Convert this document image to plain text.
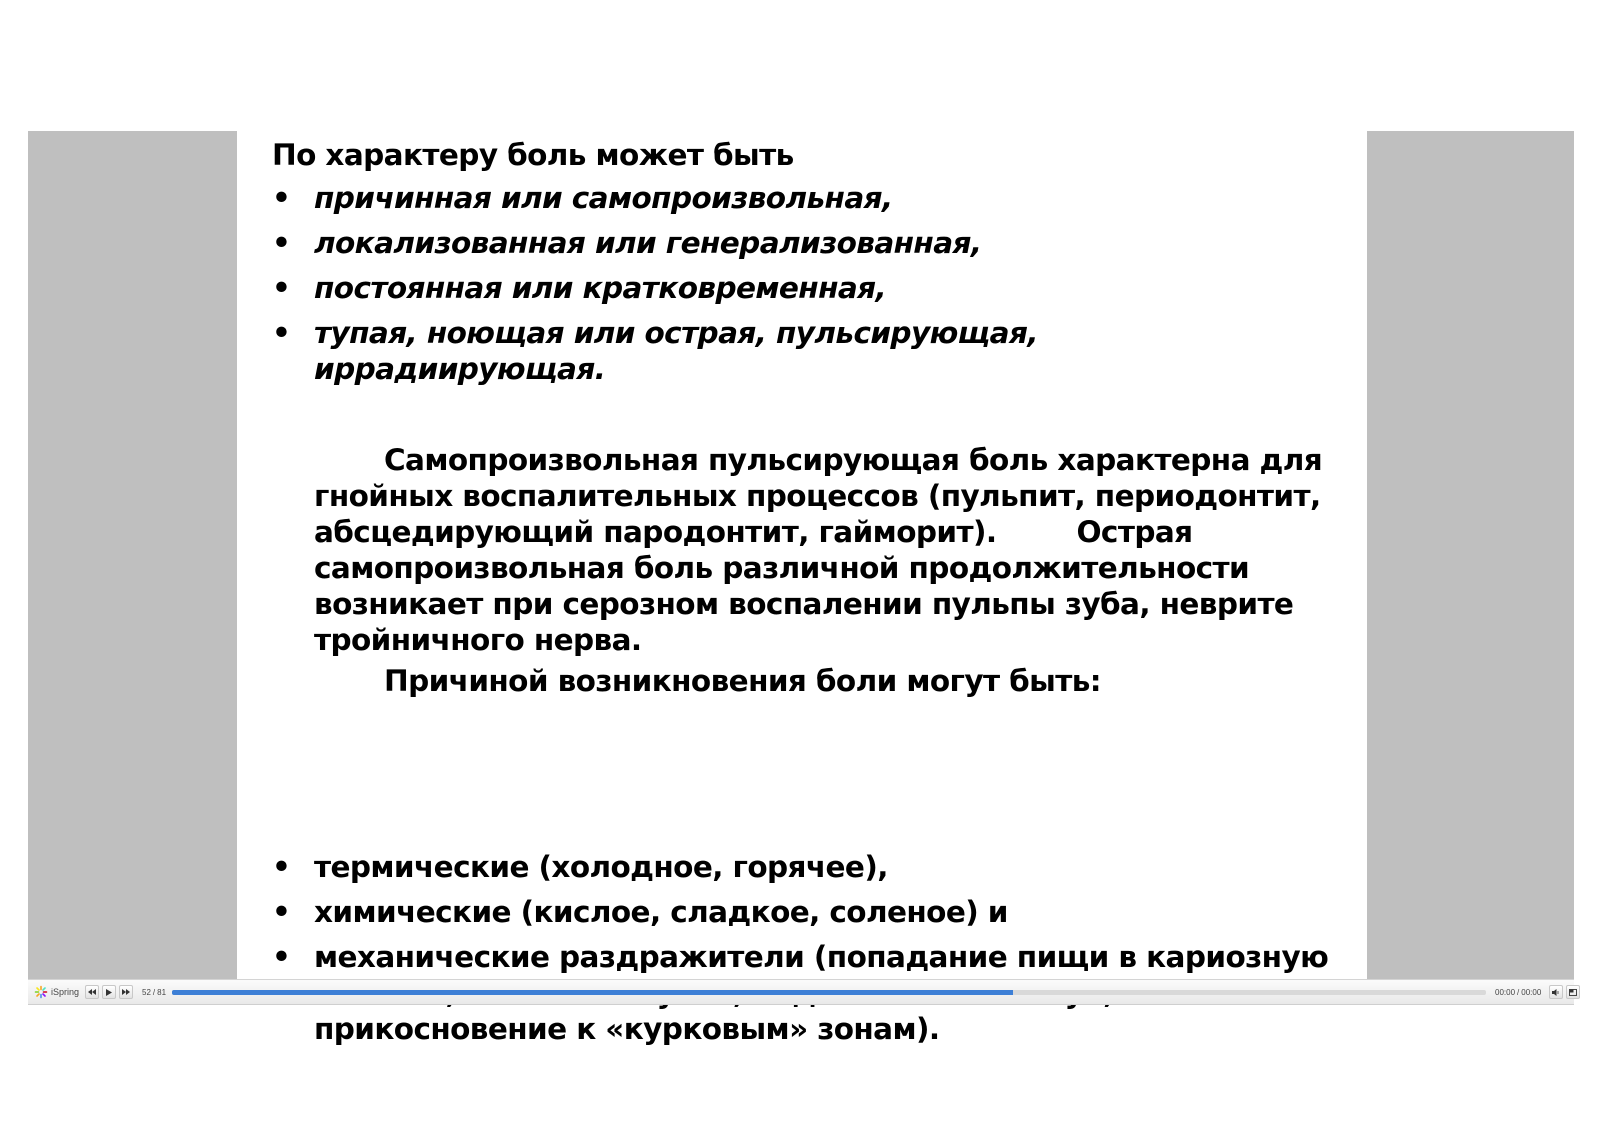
По характеру боль может быть

• причинная или самопроизвольная,
• локализованная или генерализованная,
• постоянная или кратковременная,
• тупая, ноющая или острая, пульсирующая, иррадиирующая.

Самопроизвольная пульсирующая боль характерна для гнойных воспалительных процессов (пульпит, периодонтит, абсцедирующий пародонтит, гайморит).	Острая самопроизвольная боль различной продолжительности возникает при серозном воспалении пульпы зуба, неврите тройничного нерва.

Причиной возникновения боли могут быть:

• термические (холодное, горячее),
• химические (кислое, сладкое, соленое) и
• механические раздражители (попадание пищи в кариозную прикосновение к «курковым» зонам).
iSpring	52 / 81	00:00 / 00:00
